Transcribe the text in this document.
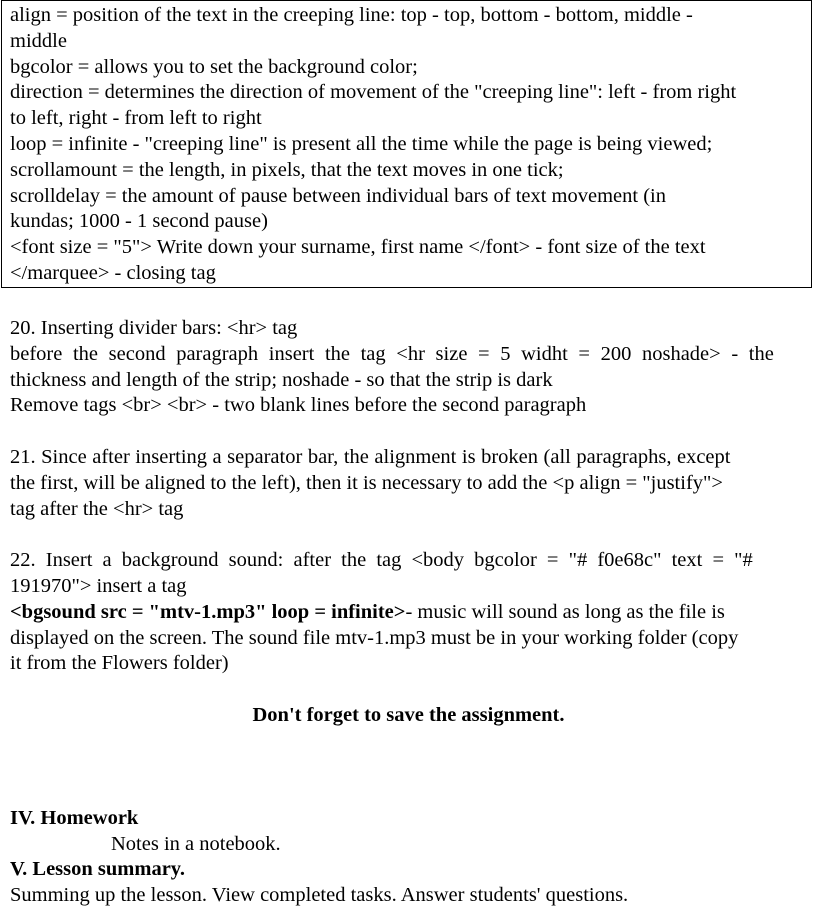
align = position of the text in the creeping line: top - top, bottom - bottom, middle -
middle
bgcolor = allows you to set the background color;
direction = determines the direction of movement of the "creeping line": left - from right
to left, right - from left to right
loop = infinite - "creeping line" is present all the time while the page is being viewed;
scrollamount = the length, in pixels, that the text moves in one tick;
scrolldelay = the amount of pause between individual bars of text movement (in
kundas; 1000 - 1 second pause)
<font size = "5"> Write down your surname, first name </font> - font size of the text
</marquee> - closing tag
20. Inserting divider bars: <hr> tag
before the second paragraph insert the tag <hr size = 5 widht = 200 noshade> - the
thickness and length of the strip; noshade - so that the strip is dark
Remove tags <br> <br> - two blank lines before the second paragraph
21. Since after inserting a separator bar, the alignment is broken (all paragraphs, except
the first, will be aligned to the left), then it is necessary to add the <p align = "justify">
tag after the <hr> tag
22. Insert a background sound: after the tag <body bgcolor = "# f0e68c" text = "#
191970"> insert a tag
<bgsound src = "mtv-1.mp3" loop = infinite>- music will sound as long as the file is
displayed on the screen. The sound file mtv-1.mp3 must be in your working folder (copy
it from the Flowers folder)
Don't forget to save the assignment.
IV. Homework
Notes in a notebook.
V. Lesson summary.
Summing up the lesson. View completed tasks. Answer students' questions.
